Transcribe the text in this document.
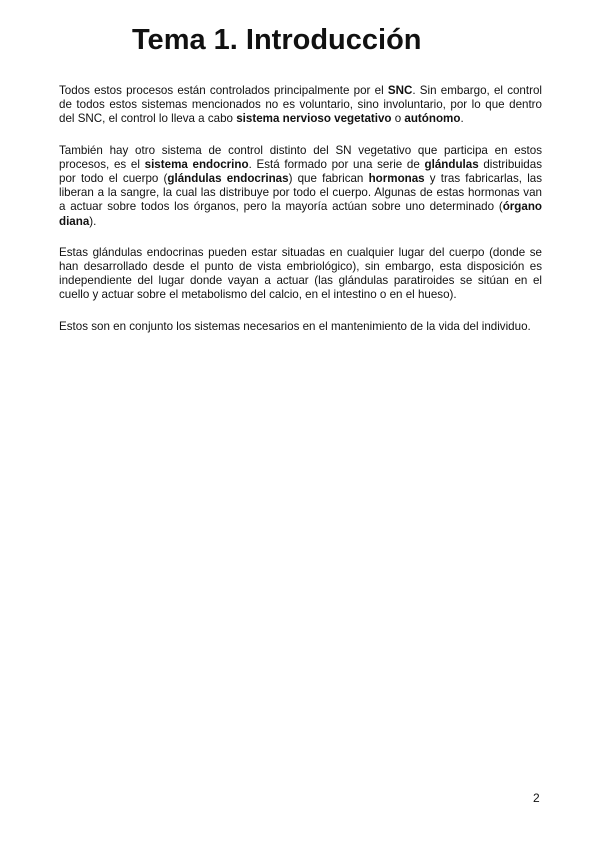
Tema 1. Introducción

Todos estos procesos están controlados principalmente por el SNC. Sin embargo, el control de todos estos sistemas mencionados no es voluntario, sino involuntario, por lo que dentro del SNC, el control lo lleva a cabo sistema nervioso vegetativo o autónomo.

También hay otro sistema de control distinto del SN vegetativo que participa en estos procesos, es el sistema endocrino. Está formado por una serie de glándulas distribuidas por todo el cuerpo (glándulas endocrinas) que fabrican hormonas y tras fabricarlas, las liberan a la sangre, la cual las distribuye por todo el cuerpo. Algunas de estas hormonas van a actuar sobre todos los órganos, pero la mayoría actúan sobre uno determinado (órgano diana).

Estas glándulas endocrinas pueden estar situadas en cualquier lugar del cuerpo (donde se han desarrollado desde el punto de vista embriológico), sin embargo, esta disposición es independiente del lugar donde vayan a actuar (las glándulas paratiroides se sitúan en el cuello y actuar sobre el metabolismo del calcio, en el intestino o en el hueso).

Estos son en conjunto los sistemas necesarios en el mantenimiento de la vida del individuo.

2
